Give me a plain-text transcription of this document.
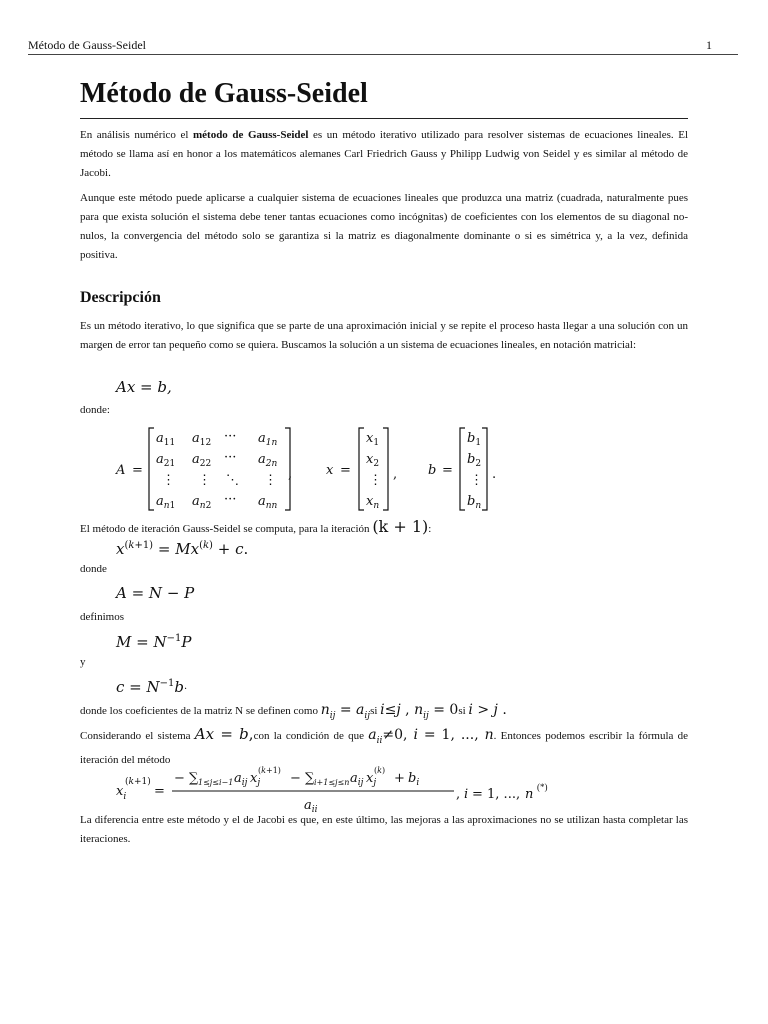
Método de Gauss-Seidel	1
Método de Gauss-Seidel
En análisis numérico el método de Gauss-Seidel es un método iterativo utilizado para resolver sistemas de ecuaciones lineales. El método se llama así en honor a los matemáticos alemanes Carl Friedrich Gauss y Philipp Ludwig von Seidel y es similar al método de Jacobi.
Aunque este método puede aplicarse a cualquier sistema de ecuaciones lineales que produzca una matriz (cuadrada, naturalmente pues para que exista solución el sistema debe tener tantas ecuaciones como incógnitas) de coeficientes con los elementos de su diagonal no-nulos, la convergencia del método solo se garantiza si la matriz es diagonalmente dominante o si es simétrica y, a la vez, definida positiva.
Descripción
Es un método iterativo, lo que significa que se parte de una aproximación inicial y se repite el proceso hasta llegar a una solución con un margen de error tan pequeño como se quiera. Buscamos la solución a un sistema de ecuaciones lineales, en notación matricial:
Ax = b,
donde:
A =
$a_{11}$ $a_{12}$ ··· $a_{1n}$
$a_{21}$ $a_{22}$ ··· $a_{2n}$
⋮ ⋮ ⋱ ⋮
$a_{n1}$ $a_{n2}$ ··· $a_{nn}$
,	x =
$x_1$
$x_2$
⋮
$x_n$
, b =
$b_1$
$b_2$
⋮
$b_n$
.
El método de iteración Gauss-Seidel se computa, para la iteración (k + 1):
$x^{(k+1)} = Mx^{(k)} + c$.
donde
A = N − P
definimos
$M = N^{-1}P$
y
$c = N^{-1}b\cdot$
donde los coeficientes de la matriz N se definen como $n_{ij} = a_{ij}si$ i≤j , $n_{ij} = 0si$ i > j .
Considerando el sistema Ax = b,con la condición de que $a_{ii}\ne 0$, i = 1, ..., n. Entonces podemos escribir la fórmula de iteración del método
$x_i$
(k+1)
=
− ∑ 1≤j≤i−1 $a_{ij}$ $x_j$
(k+1)
− ∑ i+1≤j≤n $a_{ij}$ $x_j$
(k)
+ $b_i$
$a_{ii}$
, i = 1, ..., n (*)
La diferencia entre este método y el de Jacobi es que, en este último, las mejoras a las aproximaciones no se utilizan hasta completar las iteraciones.
